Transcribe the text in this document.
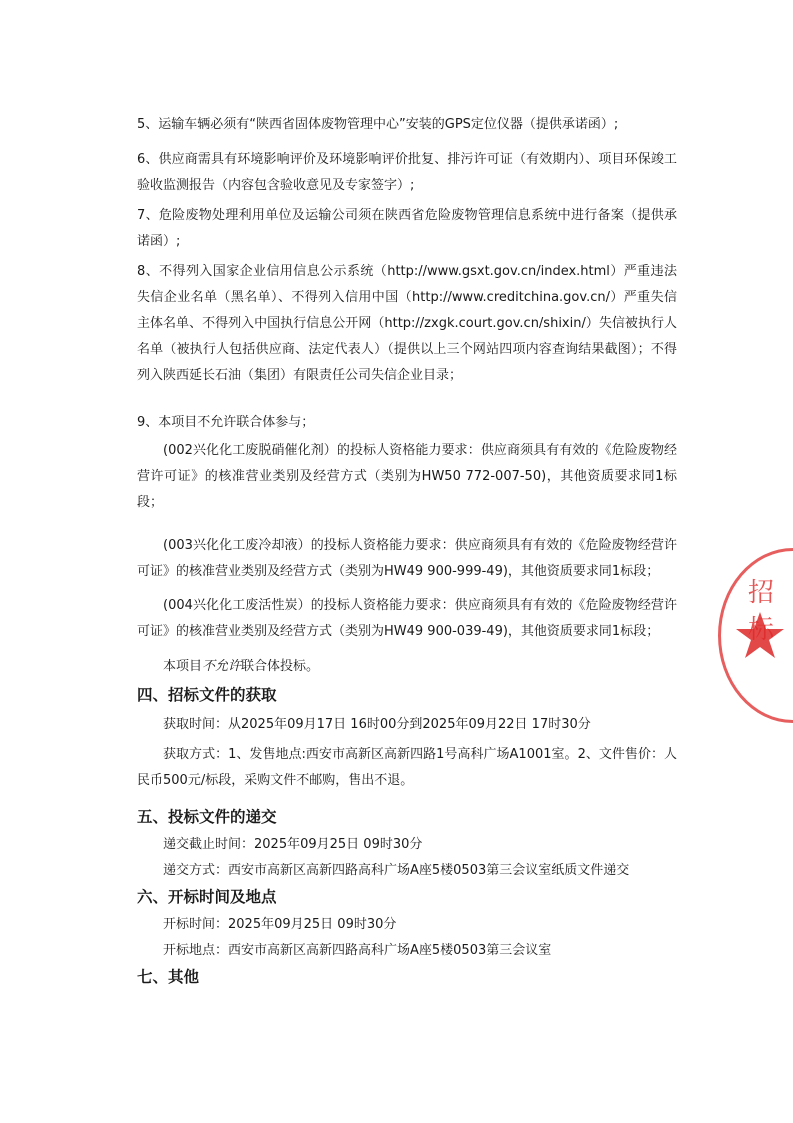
5、运输车辆必须有“陕西省固体废物管理中心”安装的GPS定位仪器（提供承诺函）;

6、供应商需具有环境影响评价及环境影响评价批复、排污许可证（有效期内）、项目环保竣工验收监测报告（内容包含验收意见及专家签字）;

7、危险废物处理利用单位及运输公司须在陕西省危险废物管理信息系统中进行备案（提供承诺函）;

8、不得列入国家企业信用信息公示系统（http://www.gsxt.gov.cn/index.html）严重违法失信企业名单（黑名单）、不得列入信用中国（http://www.creditchina.gov.cn/）严重失信主体名单、不得列入中国执行信息公开网（http://zxgk.court.gov.cn/shixin/）失信被执行人名单（被执行人包括供应商、法定代表人）（提供以上三个网站四项内容查询结果截图）；不得列入陕西延长石油（集团）有限责任公司失信企业目录；

9、本项目不允许联合体参与；

(002兴化化工废脱硝催化剂）的投标人资格能力要求：供应商须具有有效的《危险废物经营许可证》的核准营业类别及经营方式（类别为HW50 772-007-50)，其他资质要求同1标段；

(003兴化化工废冷却液）的投标人资格能力要求：供应商须具有有效的《危险废物经营许可证》的核准营业类别及经营方式（类别为HW49 900-999-49)，其他资质要求同1标段；

(004兴化化工废活性炭）的投标人资格能力要求：供应商须具有有效的《危险废物经营许可证》的核准营业类别及经营方式（类别为HW49 900-039-49)，其他资质要求同1标段；

本项目不允许联合体投标。

四、招标文件的获取

获取时间：从2025年09月17日 16时00分到2025年09月22日 17时30分

获取方式：1、发售地点:西安市高新区高新四路1号高科广场A1001室。2、文件售价：人民币500元/标段，采购文件不邮购，售出不退。

五、投标文件的递交

递交截止时间：2025年09月25日 09时30分

递交方式：西安市高新区高新四路高科广场A座5楼0503第三会议室纸质文件递交

六、开标时间及地点

开标时间：2025年09月25日 09时30分

开标地点：西安市高新区高新四路高科广场A座5楼0503第三会议室

七、其他
招
